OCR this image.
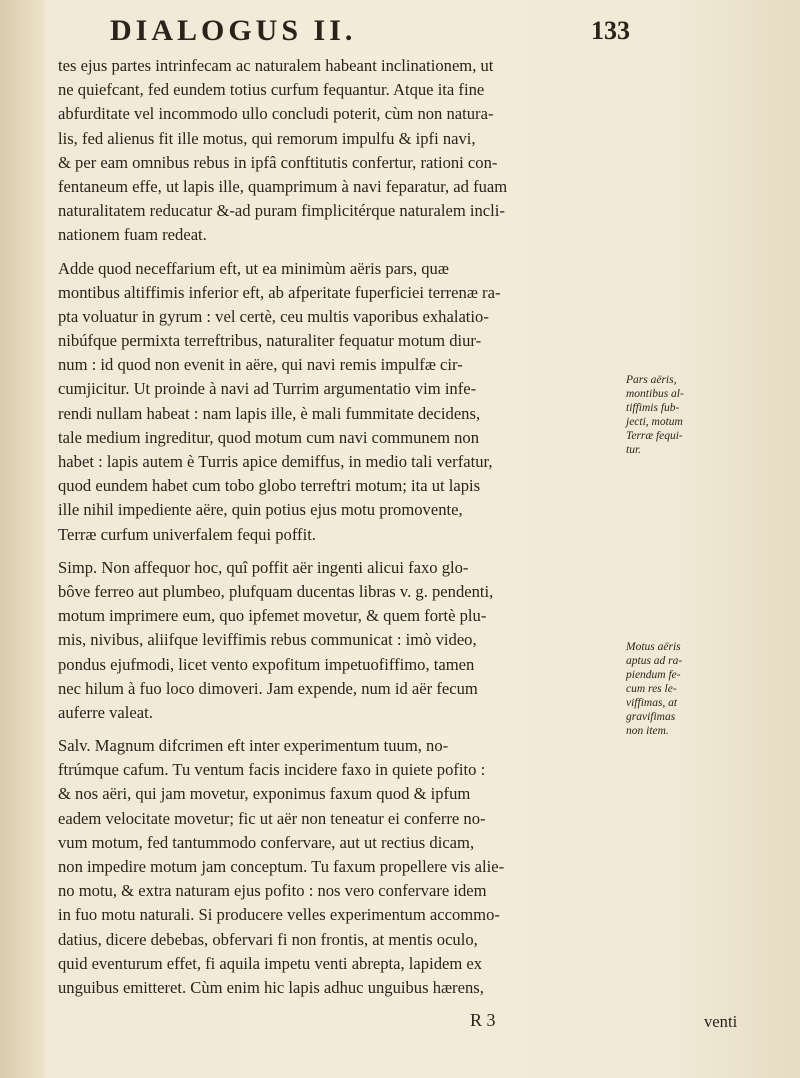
DIALOGUS II.	133
tes ejus partes intrinfecam ac naturalem habeant inclinationem, ut
ne quiefcant, fed eundem totius curfum fequantur. Atque ita fine
abfurditate vel incommodo ullo concludi poterit, cùm non natura-
lis, fed alienus fit ille motus, qui remorum impulfu & ipfi navi,
& per eam omnibus rebus in ipfâ conftitutis confertur, rationi con-
fentaneum effe, ut lapis ille, quamprimum à navi feparatur, ad fuam
naturalitatem reducatur &-ad puram fimplicitérque naturalem incli-
nationem fuam redeat.
Adde quod neceffarium eft, ut ea minimùm aëris pars, quæ
montibus altiffimis inferior eft, ab afperitate fuperficiei terrenæ ra-
pta voluatur in gyrum : vel certè, ceu multis vaporibus exhalatio-
nibúfque permixta terreftribus, naturaliter fequatur motum diur-
num : id quod non evenit in aëre, qui navi remis impulfæ cir-
cumjicitur. Ut proinde à navi ad Turrim argumentatio vim infe-
rendi nullam habeat : nam lapis ille, è mali fummitate decidens,
tale medium ingreditur, quod motum cum navi communem non
habet : lapis autem è Turris apice demiffus, in medio tali verfatur,
quod eundem habet cum tobo globo terreftri motum; ita ut lapis
ille nihil impediente aëre, quin potius ejus motu promovente,
Terræ curfum univerfalem fequi poffit.
Simp. Non affequor hoc, quî poffit aër ingenti alicui faxo glo-
bôve ferreo aut plumbeo, plufquam ducentas libras v. g. pendenti,
motum imprimere eum, quo ipfemet movetur, & quem fortè plu-
mis, nivibus, aliifque leviffimis rebus communicat : imò video,
pondus ejufmodi, licet vento expofitum impetuofiffimo, tamen
nec hilum à fuo loco dimoveri. Jam expende, num id aër fecum
auferre valeat.
Salv. Magnum difcrimen eft inter experimentum tuum, no-
ftrúmque cafum. Tu ventum facis incidere faxo in quiete pofito :
& nos aëri, qui jam movetur, exponimus faxum quod & ipfum
eadem velocitate movetur; fic ut aër non teneatur ei conferre no-
vum motum, fed tantummodo confervare, aut ut rectius dicam,
non impedire motum jam conceptum. Tu faxum propellere vis alie-
no motu, & extra naturam ejus pofito : nos vero confervare idem
in fuo motu naturali. Si producere velles experimentum accommo-
datius, dicere debebas, obfervari fi non frontis, at mentis oculo,
quid eventurum effet, fi aquila impetu venti abrepta, lapidem ex
unguibus emitteret. Cùm enim hic lapis adhuc unguibus hærens,
Pars aëris,
montibus al-
tiffimis fub-
jecti, motum
Terræ fequi-
tur.
Motus aëris
aptus ad ra-
piendum fe-
cum res le-
viffimas, at
gravifimas
non item.
R 3	venti
